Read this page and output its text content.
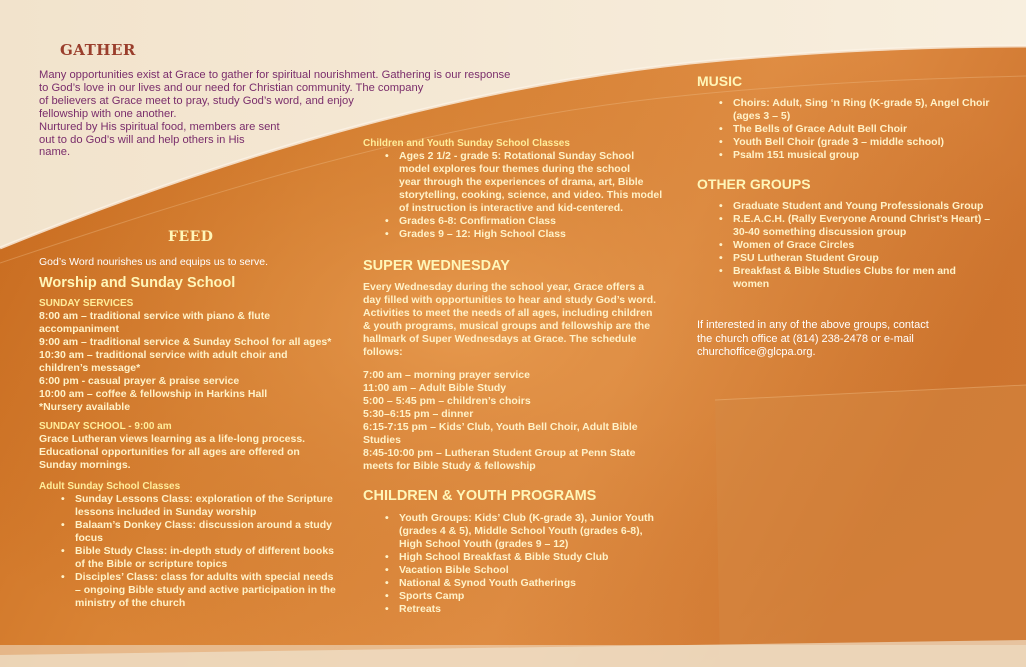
GATHER
Many opportunities exist at Grace to gather for spiritual nourishment. Gathering is our response
to God’s love in our lives and our need for Christian community. The company
of believers at Grace meet to pray, study God’s word, and enjoy
fellowship with one another.
Nurtured by His spiritual food, members are sent
out to do God’s will and help others in His
name.
FEED
God’s Word nourishes us and equips us to serve.
Worship and Sunday School
SUNDAY SERVICES
8:00 am – traditional service with piano & flute
accompaniment
9:00 am – traditional service & Sunday School for all ages*
10:30 am – traditional service with adult choir and
children’s message*
6:00 pm - casual prayer & praise service
10:00 am – coffee & fellowship in Harkins Hall
*Nursery available
SUNDAY SCHOOL - 9:00 am
Grace Lutheran views learning as a life-long process.
Educational opportunities for all ages are offered on
Sunday mornings.
Adult Sunday School Classes
• Sunday Lessons Class: exploration of the Scripture
lessons included in Sunday worship
• Balaam’s Donkey Class: discussion around a study
focus
• Bible Study Class: in-depth study of different books
of the Bible or scripture topics
• Disciples’ Class: class for adults with special needs
– ongoing Bible study and active participation in the
ministry of the church
Children and Youth Sunday School Classes
• Ages 2 1/2 - grade 5: Rotational Sunday School
model explores four themes during the school
year through the experiences of drama, art, Bible
storytelling, cooking, science, and video. This model
of instruction is interactive and kid-centered.
• Grades 6-8: Confirmation Class
• Grades 9 – 12: High School Class
SUPER WEDNESDAY
Every Wednesday during the school year, Grace offers a
day filled with opportunities to hear and study God’s word.
Activities to meet the needs of all ages, including children
& youth programs, musical groups and fellowship are the
hallmark of Super Wednesdays at Grace. The schedule
follows:
7:00 am – morning prayer service
11:00 am – Adult Bible Study
5:00 – 5:45 pm – children’s choirs
5:30–6:15 pm – dinner
6:15-7:15 pm – Kids’ Club, Youth Bell Choir, Adult Bible
Studies
8:45-10:00 pm – Lutheran Student Group at Penn State
meets for Bible Study & fellowship
CHILDREN & YOUTH PROGRAMS
• Youth Groups: Kids’ Club (K-grade 3), Junior Youth
(grades 4 & 5), Middle School Youth (grades 6-8),
High School Youth (grades 9 – 12)
• High School Breakfast & Bible Study Club
• Vacation Bible School
• National & Synod Youth Gatherings
• Sports Camp
• Retreats
MUSIC
• Choirs: Adult, Sing ‘n Ring (K-grade 5), Angel Choir
(ages 3 – 5)
• The Bells of Grace Adult Bell Choir
• Youth Bell Choir (grade 3 – middle school)
• Psalm 151 musical group
OTHER GROUPS
• Graduate Student and Young Professionals Group
• R.E.A.C.H. (Rally Everyone Around Christ’s Heart) –
30-40 something discussion group
• Women of Grace Circles
• PSU Lutheran Student Group
• Breakfast & Bible Studies Clubs for men and
women
If interested in any of the above groups, contact
the church office at (814) 238-2478 or e-mail
churchoffice@glcpa.org.
